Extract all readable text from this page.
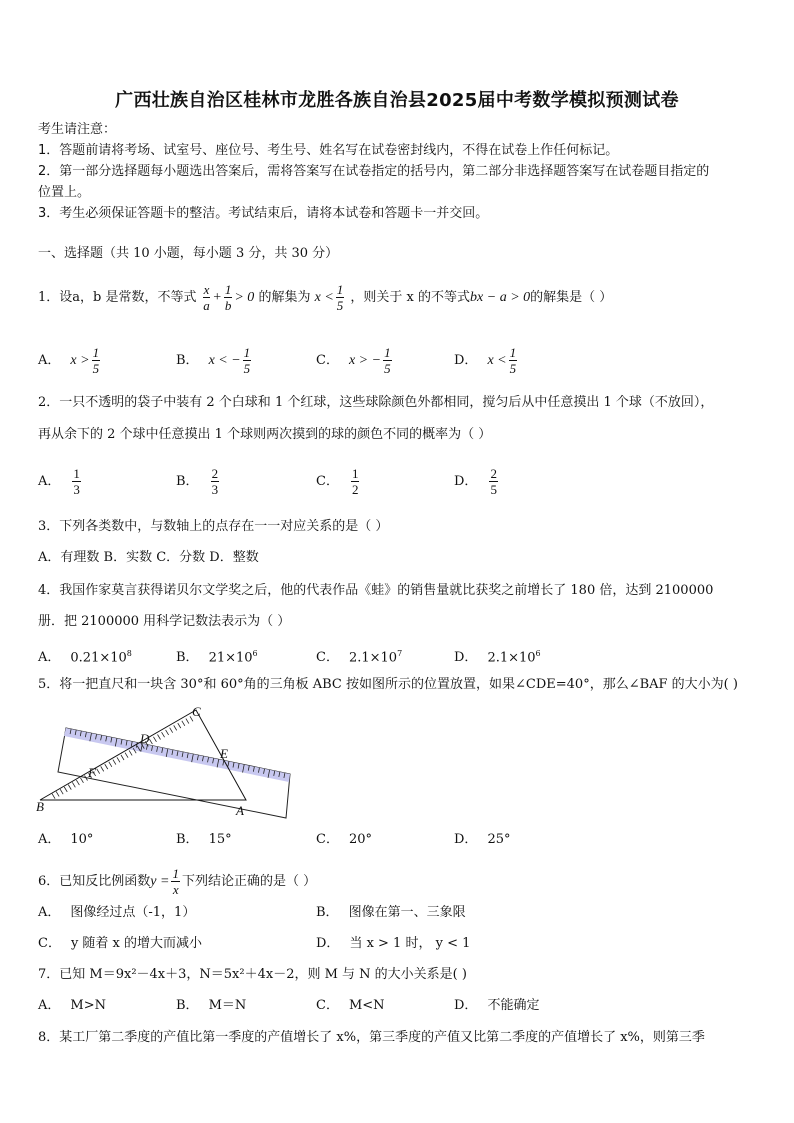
广西壮族自治区桂林市龙胜各族自治县2025届中考数学模拟预测试卷
考生请注意：
1．答题前请将考场、试室号、座位号、考生号、姓名写在试卷密封线内，不得在试卷上作任何标记。
2．第一部分选择题每小题选出答案后，需将答案写在试卷指定的括号内，第二部分非选择题答案写在试卷题目指定的
位置上。
3．考生必须保证答题卡的整洁。考试结束后，请将本试卷和答题卡一并交回。
一、选择题（共 10 小题，每小题 3 分，共 30 分）
1．设a，b 是常数，不等式 $\frac{x}{a} + \frac{1}{b} > 0$ 的解集为 $x < \frac{1}{5}$ ，则关于 x 的不等式bx − a > 0的解集是（ ）
A． $x > \frac{1}{5}$	B． x < − $\frac{1}{5}$	C． x > − $\frac{1}{5}$	D． $x < \frac{1}{5}$
2．一只不透明的袋子中装有 2 个白球和 1 个红球，这些球除颜色外都相同，搅匀后从中任意摸出 1 个球（不放回），
再从余下的 2 个球中任意摸出 1 个球则两次摸到的球的颜色不同的概率为（ ）
A． $\frac{1}{3}$	B． $\frac{2}{3}$	C． $\frac{1}{2}$	D． $\frac{2}{5}$
3．下列各类数中，与数轴上的点存在一一对应关系的是（ ）
A．有理数 B．实数 C．分数 D．整数
4．我国作家莫言获得诺贝尔文学奖之后，他的代表作品《蛙》的销售量就比获奖之前增长了 180 倍，达到 2100000
册．把 2100000 用科学记数法表示为（ ）
A． $0.21\times 10^8$	B． $21\times 10^6$	C． $2.1\times 10^7$	D． $2.1\times 10^6$
5．将一把直尺和一块含 30°和 60°角的三角板 ABC 按如图所示的位置放置，如果∠CDE=40°，那么∠BAF 的大小为( )
C
D
E
F
B	A
A． 10°	B． 15°	C． 20°	D． 25°
6．已知反比例函数$y = \frac{1}{x}$ 下列结论正确的是（ ）
A． 图像经过点（-1，1）	B． 图像在第一、三象限
C． y 随着 x 的增大而减小	D． 当 x > 1 时， y < 1
7．已知 M＝9x²－4x＋3，N＝5x²＋4x－2，则 M 与 N 的大小关系是( )
A． M>N	B． M＝N	C． M<N	D． 不能确定
8．某工厂第二季度的产值比第一季度的产值增长了 x%，第三季度的产值又比第二季度的产值增长了 x%，则第三季
